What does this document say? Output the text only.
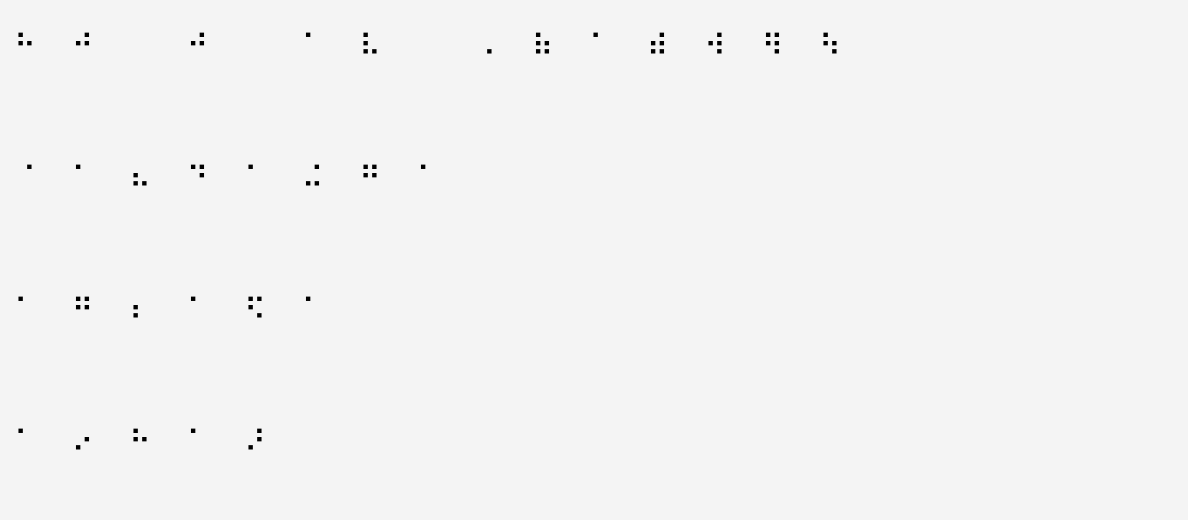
⠓ ⠚ ⠀ ⠚ ⠀ ⠁ ⠧ ⠀ ⠠ ⠷ ⠁ ⠾ ⠺ ⠻ ⠳
⠈ ⠁ ⠦ ⠙ ⠁ ⠬ ⠛ ⠁
⠁ ⠛ ⠆ ⠁ ⠫ ⠁
⠁ ⠔ ⠓ ⠁ ⠜
